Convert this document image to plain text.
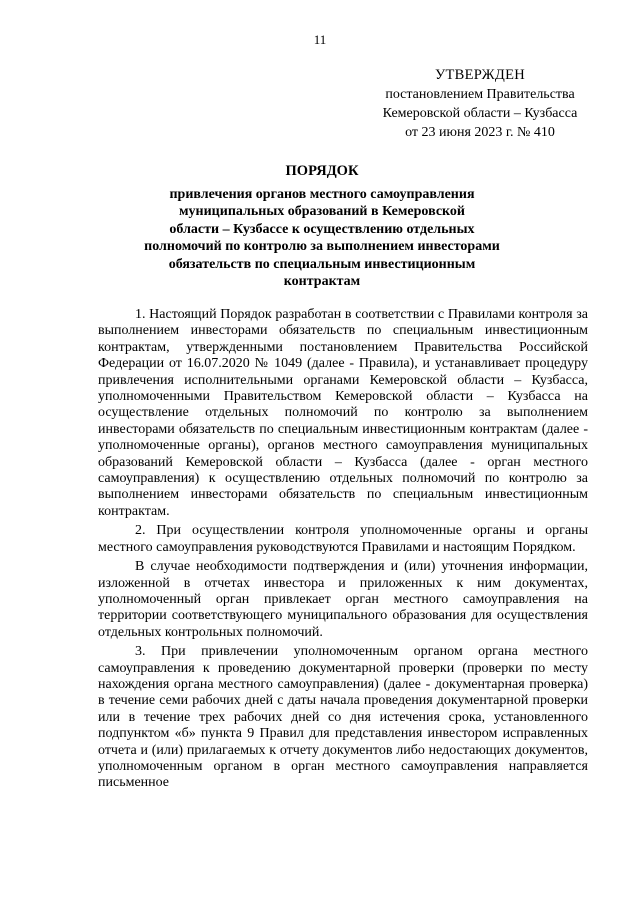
11
УТВЕРЖДЕН
постановлением Правительства
Кемеровской области – Кузбасса
от 23 июня 2023 г. № 410
ПОРЯДОК
привлечения органов местного самоуправления
муниципальных образований в Кемеровской
области – Кузбассе к осуществлению отдельных
полномочий по контролю за выполнением инвесторами
обязательств по специальным инвестиционным
контрактам

1. Настоящий Порядок разработан в соответствии с Правилами контроля за выполнением инвесторами обязательств по специальным инвестиционным контрактам, утвержденными постановлением Правительства Российской Федерации от 16.07.2020 № 1049 (далее - Правила), и устанавливает процедуру привлечения исполнительными органами Кемеровской области – Кузбасса, уполномоченными Правительством Кемеровской области – Кузбасса на осуществление отдельных полномочий по контролю за выполнением инвесторами обязательств по специальным инвестиционным контрактам (далее - уполномоченные органы), органов местного самоуправления муниципальных образований Кемеровской области – Кузбасса (далее - орган местного самоуправления) к осуществлению отдельных полномочий по контролю за выполнением инвесторами обязательств по специальным инвестиционным контрактам.

2. При осуществлении контроля уполномоченные органы и органы местного самоуправления руководствуются Правилами и настоящим Порядком.

В случае необходимости подтверждения и (или) уточнения информации, изложенной в отчетах инвестора и приложенных к ним документах, уполномоченный орган привлекает орган местного самоуправления на территории соответствующего муниципального образования для осуществления отдельных контрольных полномочий.

3. При привлечении уполномоченным органом органа местного самоуправления к проведению документарной проверки (проверки по месту нахождения органа местного самоуправления) (далее - документарная проверка) в течение семи рабочих дней с даты начала проведения документарной проверки или в течение трех рабочих дней со дня истечения срока, установленного подпунктом «б» пункта 9 Правил для представления инвестором исправленных отчета и (или) прилагаемых к отчету документов либо недостающих документов, уполномоченным органом в орган местного самоуправления направляется письменное
